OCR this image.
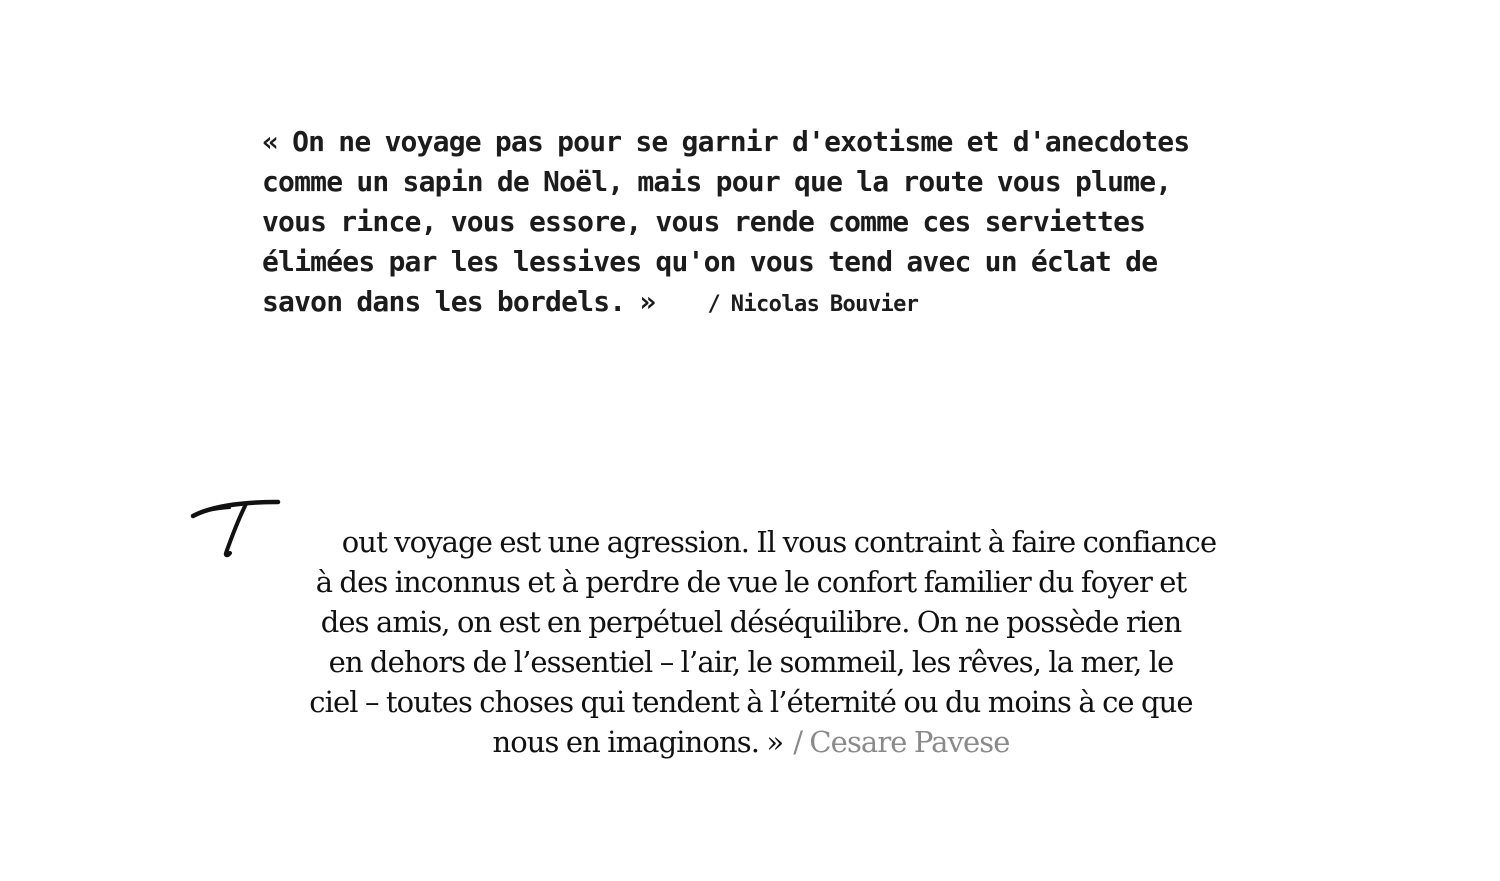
« On ne voyage pas pour se garnir d'exotisme et d'anecdotes
comme un sapin de Noël, mais pour que la route vous plume,
vous rince, vous essore, vous rende comme ces serviettes
élimées par les lessives qu'on vous tend avec un éclat de
savon dans les bordels. » / Nicolas Bouvier
out voyage est une agression. Il vous contraint à faire confiance
à des inconnus et à perdre de vue le confort familier du foyer et
des amis, on est en perpétuel déséquilibre. On ne possède rien
en dehors de l’essentiel – l’air, le sommeil, les rêves, la mer, le
ciel – toutes choses qui tendent à l’éternité ou du moins à ce que
nous en imaginons. » / Cesare Pavese
